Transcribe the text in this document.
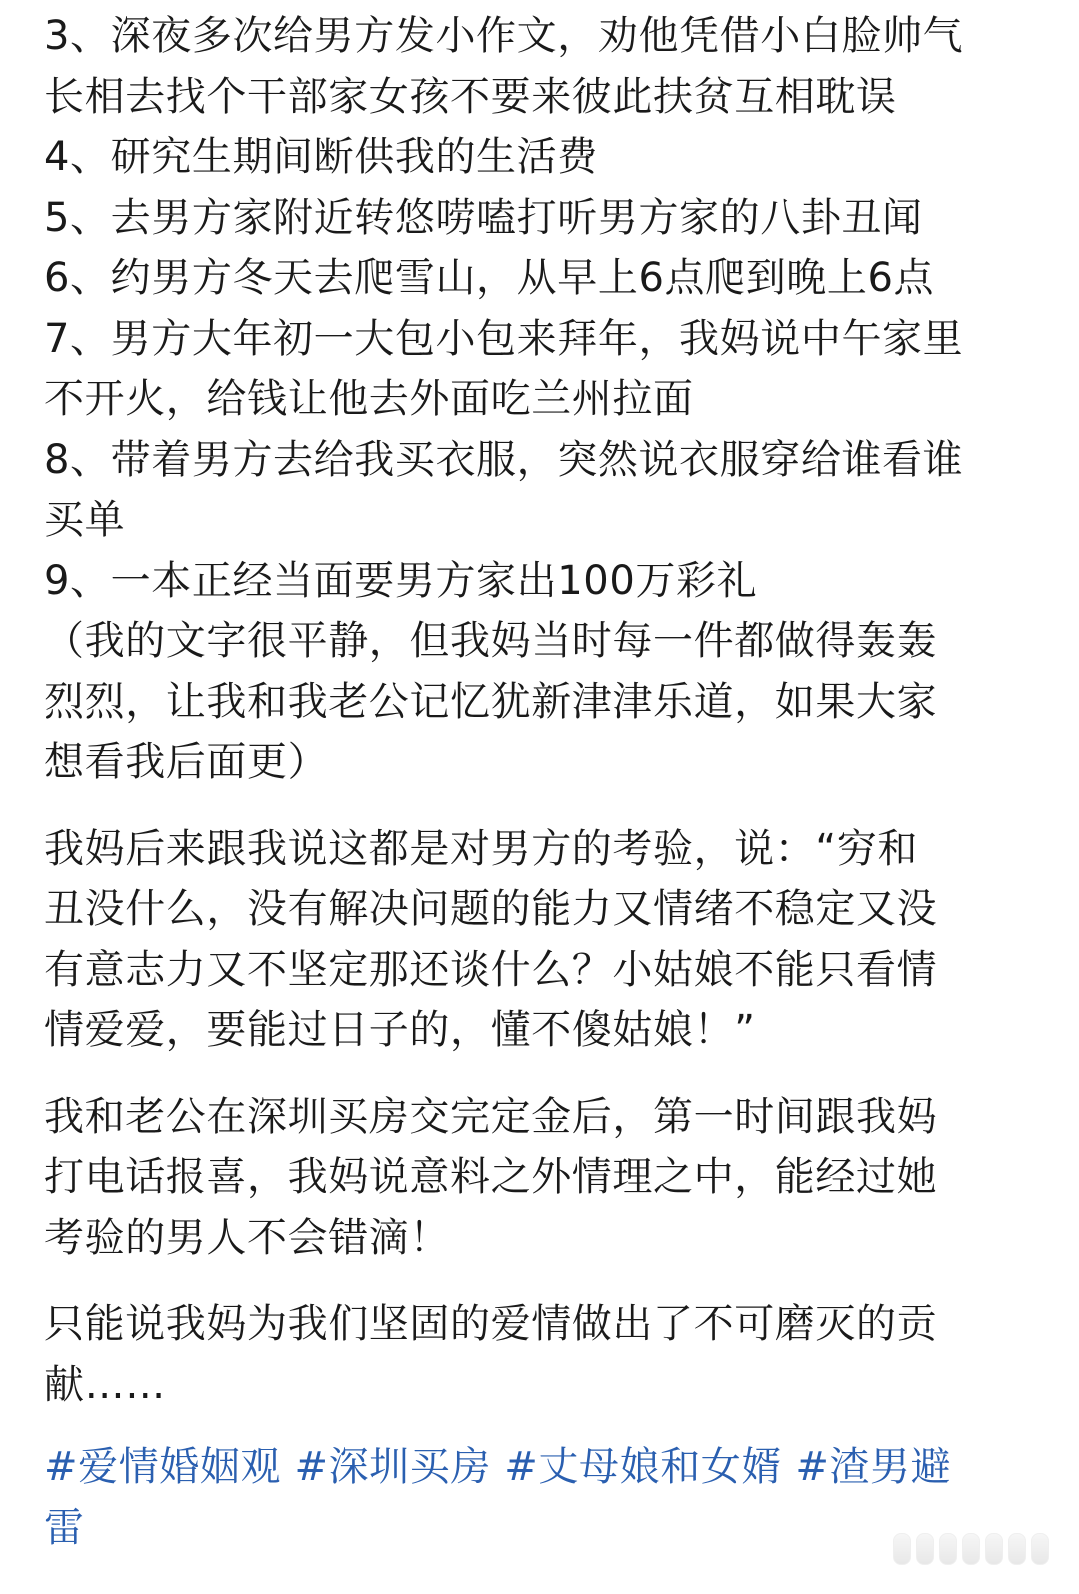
3、深夜多次给男方发小作文，劝他凭借小白脸帅气
长相去找个干部家女孩不要来彼此扶贫互相耽误
4、研究生期间断供我的生活费
5、去男方家附近转悠唠嗑打听男方家的八卦丑闻
6、约男方冬天去爬雪山，从早上6点爬到晚上6点
7、男方大年初一大包小包来拜年，我妈说中午家里
不开火，给钱让他去外面吃兰州拉面
8、带着男方去给我买衣服，突然说衣服穿给谁看谁
买单
9、一本正经当面要男方家出100万彩礼
（我的文字很平静，但我妈当时每一件都做得轰轰
烈烈，让我和我老公记忆犹新津津乐道，如果大家
想看我后面更）
我妈后来跟我说这都是对男方的考验，说：“穷和
丑没什么，没有解决问题的能力又情绪不稳定又没
有意志力又不坚定那还谈什么？小姑娘不能只看情
情爱爱，要能过日子的，懂不傻姑娘！”
我和老公在深圳买房交完定金后，第一时间跟我妈
打电话报喜，我妈说意料之外情理之中，能经过她
考验的男人不会错滴！
只能说我妈为我们坚固的爱情做出了不可磨灭的贡
献……
#爱情婚姻观 #深圳买房 #丈母娘和女婿 #渣男避
雷
